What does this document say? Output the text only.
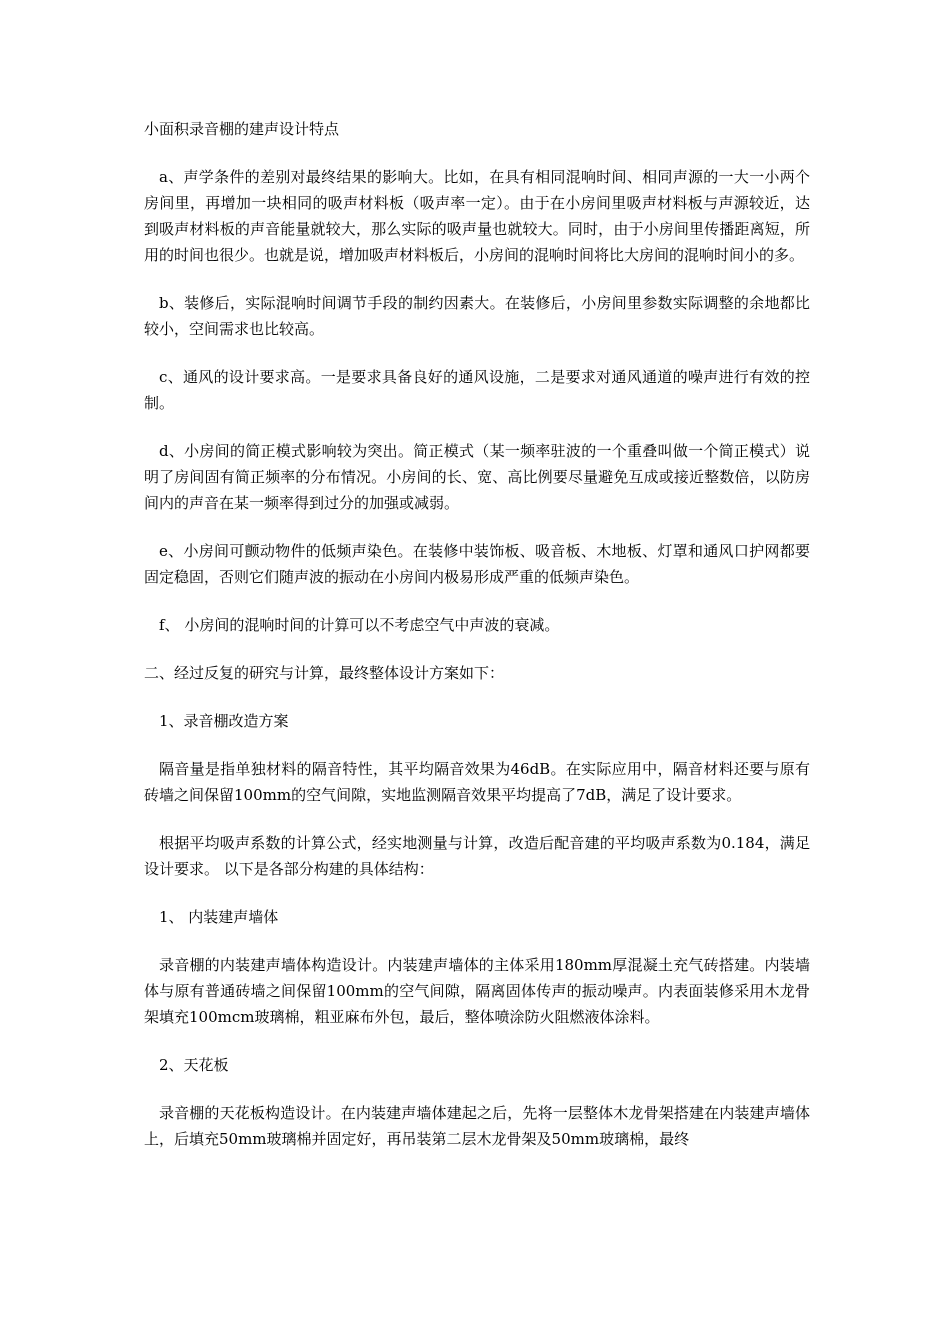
小面积录音棚的建声设计特点

a、声学条件的差别对最终结果的影响大。比如，在具有相同混响时间、相同声源的一大一小两个房间里，再增加一块相同的吸声材料板（吸声率一定）。由于在小房间里吸声材料板与声源较近，达到吸声材料板的声音能量就较大，那么实际的吸声量也就较大。同时，由于小房间里传播距离短，所用的时间也很少。也就是说，增加吸声材料板后，小房间的混响时间将比大房间的混响时间小的多。

b、装修后，实际混响时间调节手段的制约因素大。在装修后，小房间里参数实际调整的余地都比较小，空间需求也比较高。

c、通风的设计要求高。一是要求具备良好的通风设施，二是要求对通风通道的噪声进行有效的控制。

d、小房间的简正模式影响较为突出。简正模式（某一频率驻波的一个重叠叫做一个简正模式）说明了房间固有简正频率的分布情况。小房间的长、宽、高比例要尽量避免互成或接近整数倍，以防房间内的声音在某一频率得到过分的加强或减弱。

e、小房间可颤动物件的低频声染色。在装修中装饰板、吸音板、木地板、灯罩和通风口护网都要固定稳固，否则它们随声波的振动在小房间内极易形成严重的低频声染色。

f、 小房间的混响时间的计算可以不考虑空气中声波的衰减。

二、经过反复的研究与计算，最终整体设计方案如下：

1、录音棚改造方案

隔音量是指单独材料的隔音特性，其平均隔音效果为46dB。在实际应用中，隔音材料还要与原有砖墙之间保留100mm的空气间隙，实地监测隔音效果平均提高了7dB，满足了设计要求。

根据平均吸声系数的计算公式，经实地测量与计算，改造后配音建的平均吸声系数为0.184，满足设计要求。 以下是各部分构建的具体结构：

1、 内装建声墙体

录音棚的内装建声墙体构造设计。内装建声墙体的主体采用180mm厚混凝土充气砖搭建。内装墙体与原有普通砖墙之间保留100mm的空气间隙，隔离固体传声的振动噪声。内表面装修采用木龙骨架填充100mcm玻璃棉，粗亚麻布外包，最后，整体喷涂防火阻燃液体涂料。

2、天花板

录音棚的天花板构造设计。在内装建声墙体建起之后，先将一层整体木龙骨架搭建在内装建声墙体上，后填充50mm玻璃棉并固定好，再吊装第二层木龙骨架及50mm玻璃棉，最终
